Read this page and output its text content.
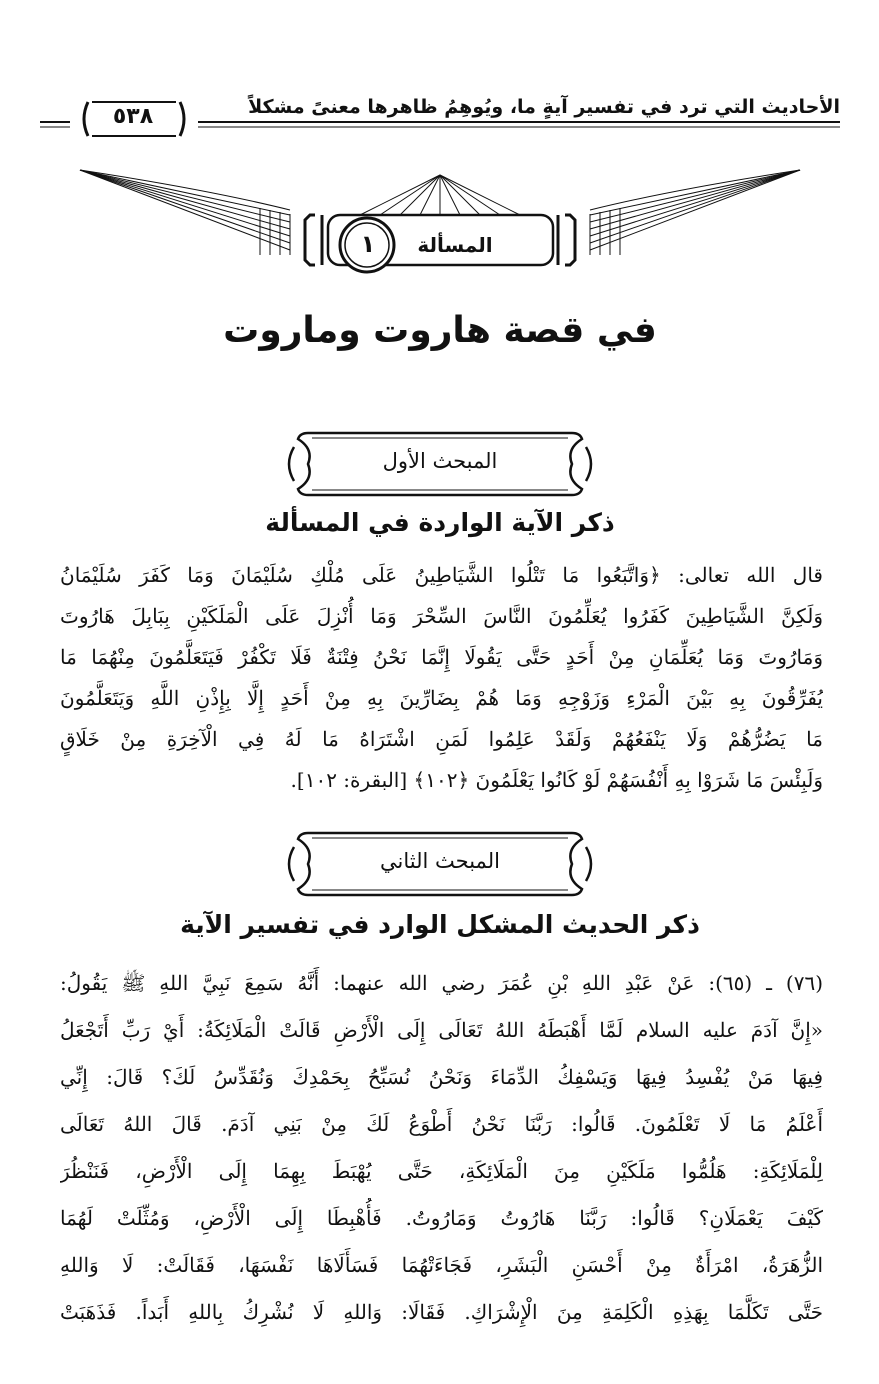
٥٣٨	الأحاديث التي ترد في تفسير آيةٍ ما، ويُوهِمُ ظاهرها معنىً مشكلاً
المسألة
١
في قصة هاروت وماروت
المبحث الأول
ذكر الآية الواردة في المسألة
قال الله تعالى: ﴿وَاتَّبَعُوا مَا تَتْلُوا الشَّيَاطِينُ عَلَى مُلْكِ سُلَيْمَانَ وَمَا كَفَرَ سُلَيْمَانُ
وَلَكِنَّ الشَّيَاطِينَ كَفَرُوا يُعَلِّمُونَ النَّاسَ السِّحْرَ وَمَا أُنْزِلَ عَلَى الْمَلَكَيْنِ بِبَابِلَ هَارُوتَ
وَمَارُوتَ وَمَا يُعَلِّمَانِ مِنْ أَحَدٍ حَتَّى يَقُولَا إِنَّمَا نَحْنُ فِتْنَةٌ فَلَا تَكْفُرْ فَيَتَعَلَّمُونَ مِنْهُمَا مَا
يُفَرِّقُونَ بِهِ بَيْنَ الْمَرْءِ وَزَوْجِهِ وَمَا هُمْ بِضَارِّينَ بِهِ مِنْ أَحَدٍ إِلَّا بِإِذْنِ اللَّهِ وَيَتَعَلَّمُونَ
مَا يَضُرُّهُمْ وَلَا يَنْفَعُهُمْ وَلَقَدْ عَلِمُوا لَمَنِ اشْتَرَاهُ مَا لَهُ فِي الْآخِرَةِ مِنْ خَلَاقٍ
وَلَبِئْسَ مَا شَرَوْا بِهِ أَنْفُسَهُمْ لَوْ كَانُوا يَعْلَمُونَ ﴿١٠٢﴾ [البقرة: ١٠٢].
المبحث الثاني
ذكر الحديث المشكل الوارد في تفسير الآية
(٧٦) ـ (٦٥): عَنْ عَبْدِ اللهِ بْنِ عُمَرَ رضي الله عنهما: أَنَّهُ سَمِعَ نَبِيَّ اللهِ ﷺ يَقُولُ:
«إِنَّ آدَمَ عليه السلام لَمَّا أَهْبَطَهُ اللهُ تَعَالَى إِلَى الْأَرْضِ قَالَتْ الْمَلَائِكَةُ: أَيْ رَبِّ أَتَجْعَلُ
فِيهَا مَنْ يُفْسِدُ فِيهَا وَيَسْفِكُ الدِّمَاءَ وَنَحْنُ نُسَبِّحُ بِحَمْدِكَ وَنُقَدِّسُ لَكَ؟ قَالَ: إِنِّي
أَعْلَمُ مَا لَا تَعْلَمُونَ. قَالُوا: رَبَّنَا نَحْنُ أَطْوَعُ لَكَ مِنْ بَنِي آدَمَ. قَالَ اللهُ تَعَالَى
لِلْمَلَائِكَةِ: هَلُمُّوا مَلَكَيْنِ مِنَ الْمَلَائِكَةِ، حَتَّى يُهْبَطَ بِهِمَا إِلَى الْأَرْضِ، فَنَنْظُرَ
كَيْفَ يَعْمَلَانِ؟ قَالُوا: رَبَّنَا هَارُوتُ وَمَارُوتُ. فَأُهْبِطَا إِلَى الْأَرْضِ، وَمُثِّلَتْ لَهُمَا
الزُّهَرَةُ، امْرَأَةٌ مِنْ أَحْسَنِ الْبَشَرِ، فَجَاءَتْهُمَا فَسَأَلَاهَا نَفْسَهَا، فَقَالَتْ: لَا وَاللهِ
حَتَّى تَكَلَّمَا بِهَذِهِ الْكَلِمَةِ مِنَ الْإِشْرَاكِ. فَقَالَا: وَاللهِ لَا نُشْرِكُ بِاللهِ أَبَداً. فَذَهَبَتْ
